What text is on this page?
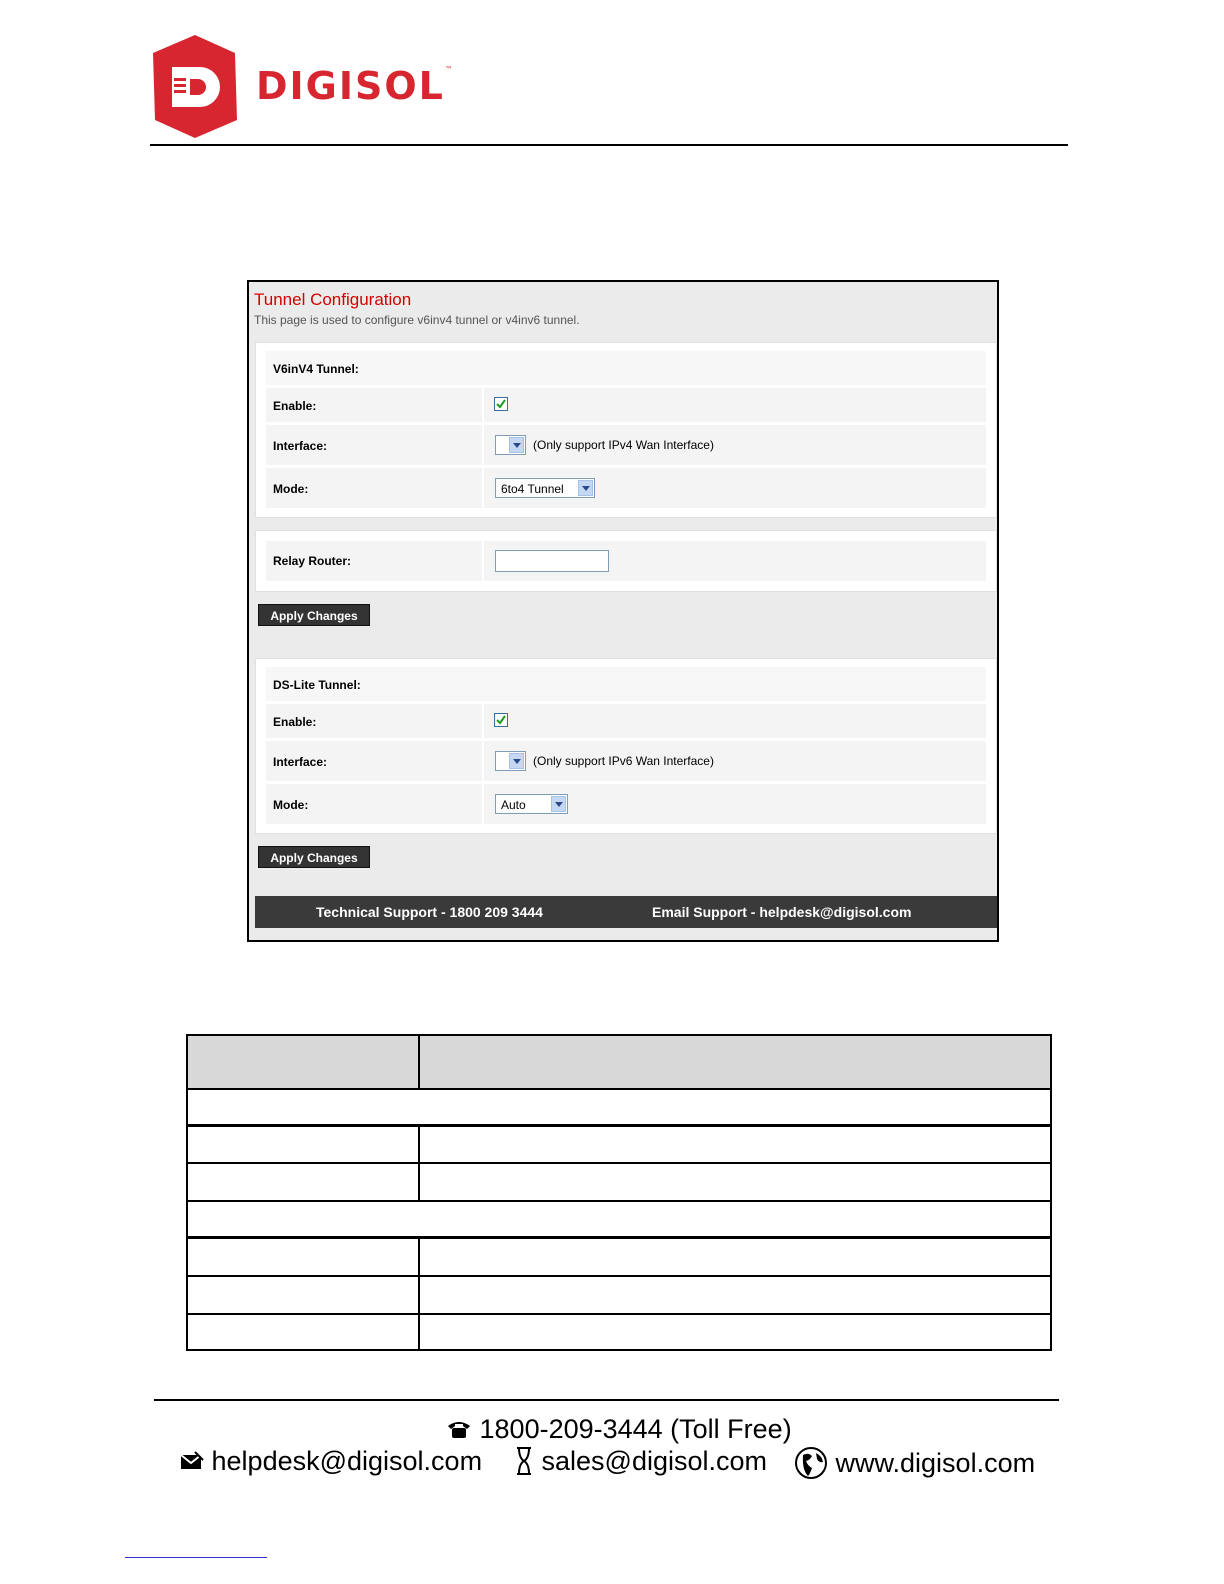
DIGISOL ™
Tunnel Configuration
This page is used to configure v6inv4 tunnel or v4inv6 tunnel.
V6inV4 Tunnel:
Enable:
Interface:	(Only support IPv4 Wan Interface)
Mode:	6to4 Tunnel
Relay Router:
Apply Changes
DS-Lite Tunnel:
Enable:
Interface:	(Only support IPv6 Wan Interface)
Mode:	Auto
Apply Changes
Technical Support - 1800 209 3444	Email Support - helpdesk@digisol.com
1800-209-3444 (Toll Free)
helpdesk@digisol.com	sales@digisol.com	www.digisol.com
